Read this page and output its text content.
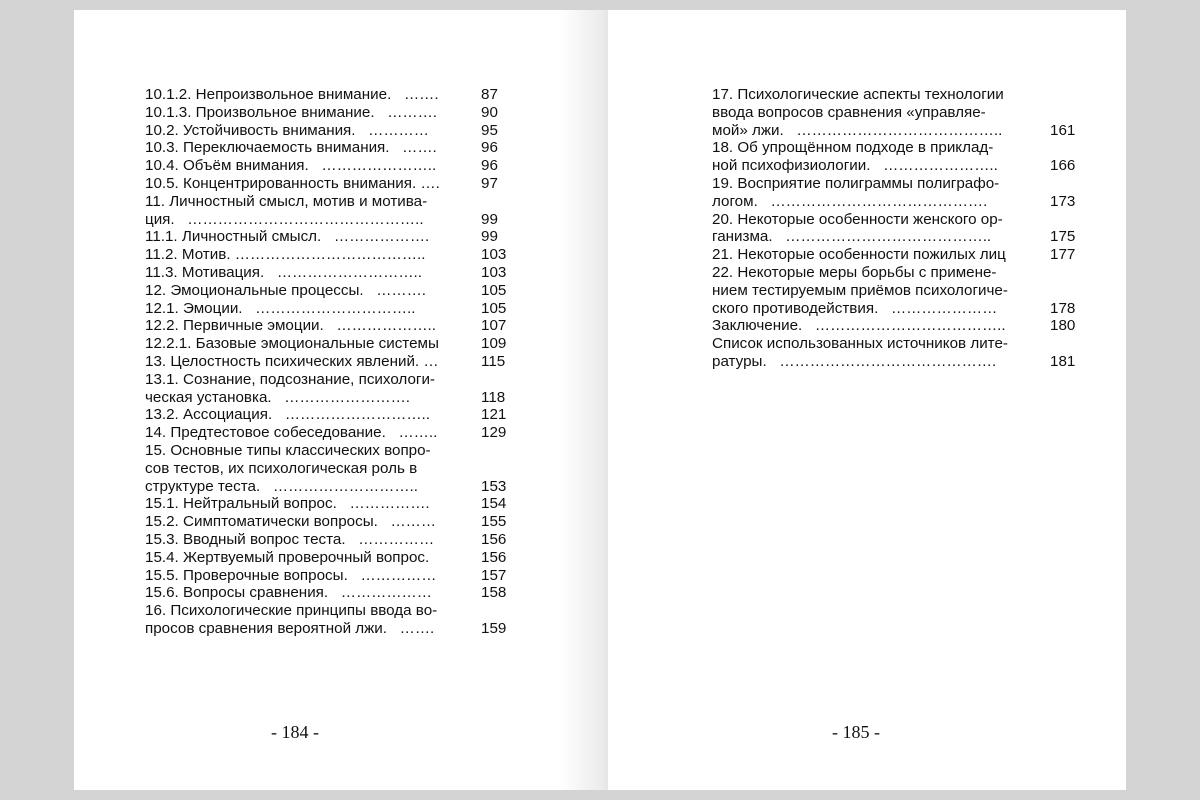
10.1.2. Непроизвольное внимание.   …….	87
10.1.3. Произвольное внимание.   ……….	90
10.2. Устойчивость внимания.   …………	95
10.3. Переключаемость внимания.   …….	96
10.4. Объём внимания.   …………………..	96
10.5. Концентрированность внимания. ….	97
11. Личностный смысл, мотив и мотива-
ция.   ………………………………………..	99
11.1. Личностный смысл.   ……………….	99
11.2. Мотив. ………………………………..	103
11.3. Мотивация.   ………………………..	103
12. Эмоциональные процессы.   ……….	105
12.1. Эмоции.   …………………………..	105
12.2. Первичные эмоции.   ………………..	107
12.2.1. Базовые эмоциональные системы	109
13. Целостность психических явлений. …	115
13.1. Сознание, подсознание, психологи-
ческая установка.   …………………….	118
13.2. Ассоциация.   ………………………..	121
14. Предтестовое собеседование.   ……..	129
15. Основные типы классических вопро-
сов тестов, их психологическая роль в
структуре теста.   ………………………..	153
15.1. Нейтральный вопрос.   …………….	154
15.2. Симптоматически вопросы.   ………	155
15.3. Вводный вопрос теста.   ……………	156
15.4. Жертвуемый проверочный вопрос.	156
15.5. Проверочные вопросы.   ……………	157
15.6. Вопросы сравнения.   ………………	158
16. Психологические принципы ввода во-
просов сравнения вероятной лжи.   …….	159
- 184 -
17. Психологические аспекты технологии
ввода вопросов сравнения «управляе-
мой» лжи.   …………………………………..	161
18. Об упрощённом подходе в приклад-
ной психофизиологии.   …………………..	166
19. Восприятие полиграммы полиграфо-
логом.   …………………………………….	173
20. Некоторые особенности женского ор-
ганизма.   …………………………………..	175
21. Некоторые особенности пожилых лиц	177
22. Некоторые меры борьбы с примене-
нием тестируемым приёмов психологиче-
ского противодействия.   …………………	178
Заключение.   ………………………………..	180
Список использованных источников лите-
ратуры.   …………………………………….	181
- 185 -
